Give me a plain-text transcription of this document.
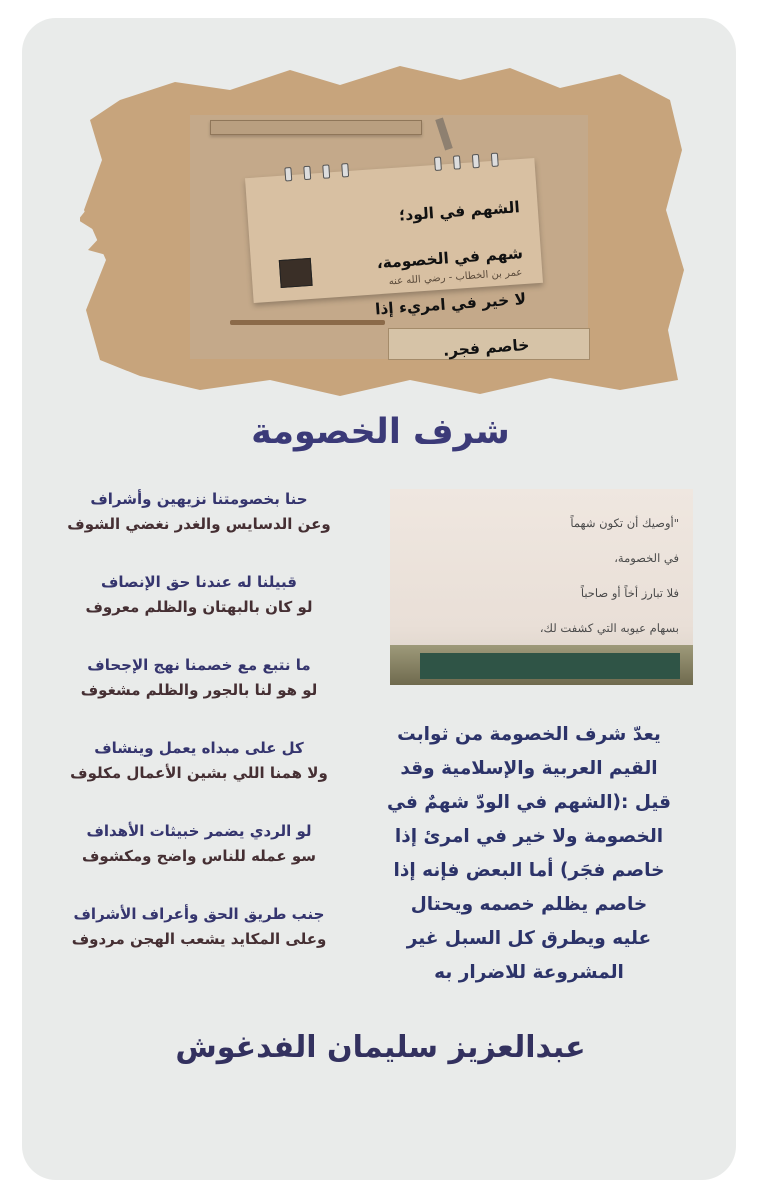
الشهم في الود؛

شهم في الخصومة،

لا خير في امريء إذا

خاصم فجر.

عمر بن الخطاب - رضي الله عنه
شرف الخصومة
حنا بخصومتنا نزيهين وأشراف
وعن الدسايس والغدر نغضي الشوف
قبيلنا له عندنا حق الإنصاف
لو كان بالبهتان والظلم معروف
ما نتبع مع خصمنا نهج الإجحاف
لو هو لنا بالجور والظلم مشغوف
كل على مبداه يعمل وينشاف
ولا همنا اللي بشين الأعمال مكلوف
لو الردي يضمر خبيثات الأهداف
سو عمله للناس واضح ومكشوف
جنب طريق الحق وأعراف الأشراف
وعلى المكايد يشعب الهجن مردوف

"أوصيك أن تكون شهماً

في الخصومة،

فلا تبارز أخاً أو صاحباً

بسهام عيوبه التي كشفت لك،

يعدّ شرف الخصومة من ثوابت
القيم العربية والإسلامية وقد
قيل :(الشهم في الودّ شهمٌ في
الخصومة ولا خير في امرئ إذا
خاصم فجَر) أما البعض فإنه إذا
خاصم يظلم خصمه ويحتال
عليه ويطرق كل السبل غير
المشروعة للاضرار به
عبدالعزيز سليمان الفدغوش
